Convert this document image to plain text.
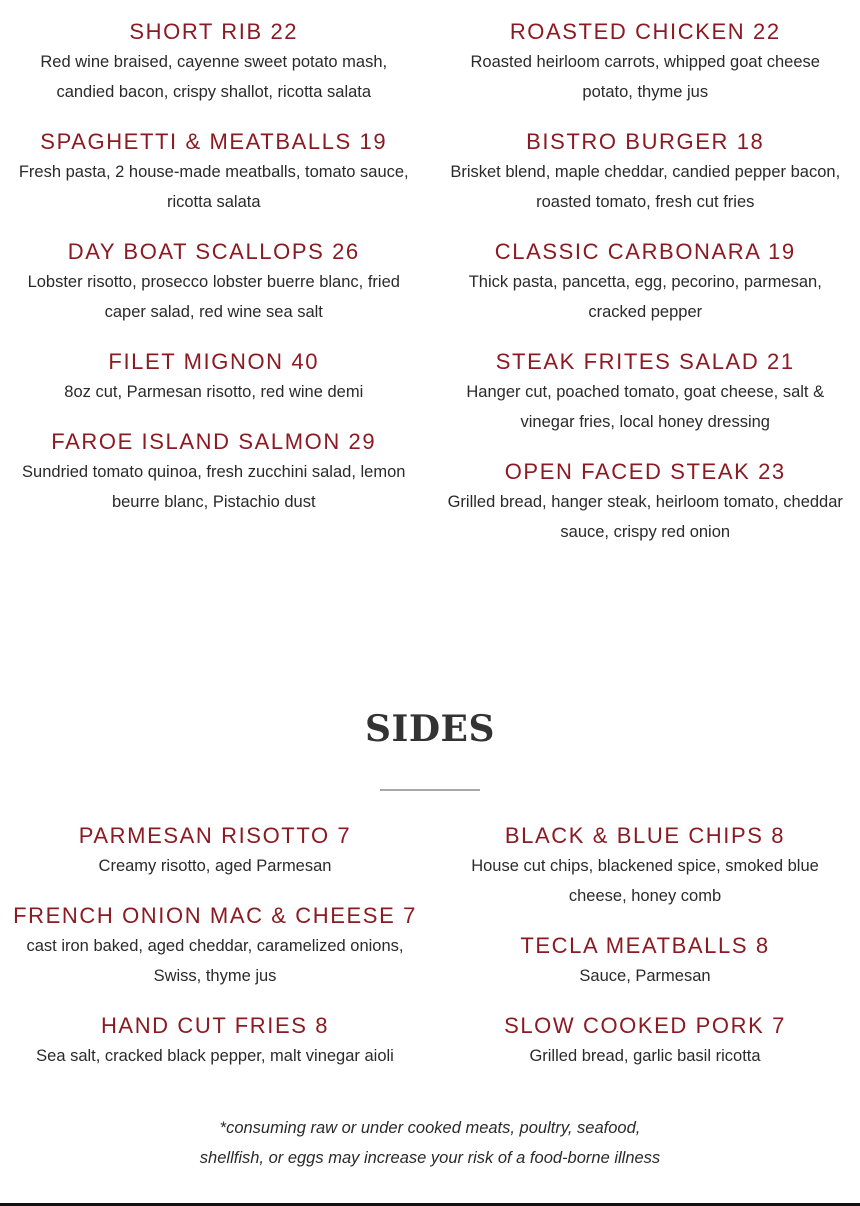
SHORT RIB 22

Red wine braised, cayenne sweet potato mash,
candied bacon, crispy shallot, ricotta salata

SPAGHETTI & MEATBALLS 19

Fresh pasta, 2 house-made meatballs, tomato sauce,
ricotta salata

DAY BOAT SCALLOPS 26

Lobster risotto, prosecco lobster buerre blanc, fried
caper salad, red wine sea salt

FILET MIGNON 40

8oz cut, Parmesan risotto, red wine demi

FAROE ISLAND SALMON 29

Sundried tomato quinoa, fresh zucchini salad, lemon
beurre blanc, Pistachio dust

ROASTED CHICKEN 22

Roasted heirloom carrots, whipped goat cheese
potato, thyme jus

BISTRO BURGER 18

Brisket blend, maple cheddar, candied pepper bacon,
roasted tomato, fresh cut fries

CLASSIC CARBONARA 19

Thick pasta, pancetta, egg, pecorino, parmesan,
cracked pepper

STEAK FRITES SALAD 21

Hanger cut, poached tomato, goat cheese, salt &
vinegar fries, local honey dressing

OPEN FACED STEAK 23

Grilled bread, hanger steak, heirloom tomato, cheddar
sauce, crispy red onion

SIDES
PARMESAN RISOTTO 7

Creamy risotto, aged Parmesan

FRENCH ONION MAC & CHEESE 7

cast iron baked, aged cheddar, caramelized onions,
Swiss, thyme jus

HAND CUT FRIES 8

Sea salt, cracked black pepper, malt vinegar aioli

BLACK & BLUE CHIPS 8

House cut chips, blackened spice, smoked blue
cheese, honey comb

TECLA MEATBALLS 8

Sauce, Parmesan

SLOW COOKED PORK 7

Grilled bread, garlic basil ricotta

*consuming raw or under cooked meats, poultry, seafood,
shellfish, or eggs may increase your risk of a food-borne illness
